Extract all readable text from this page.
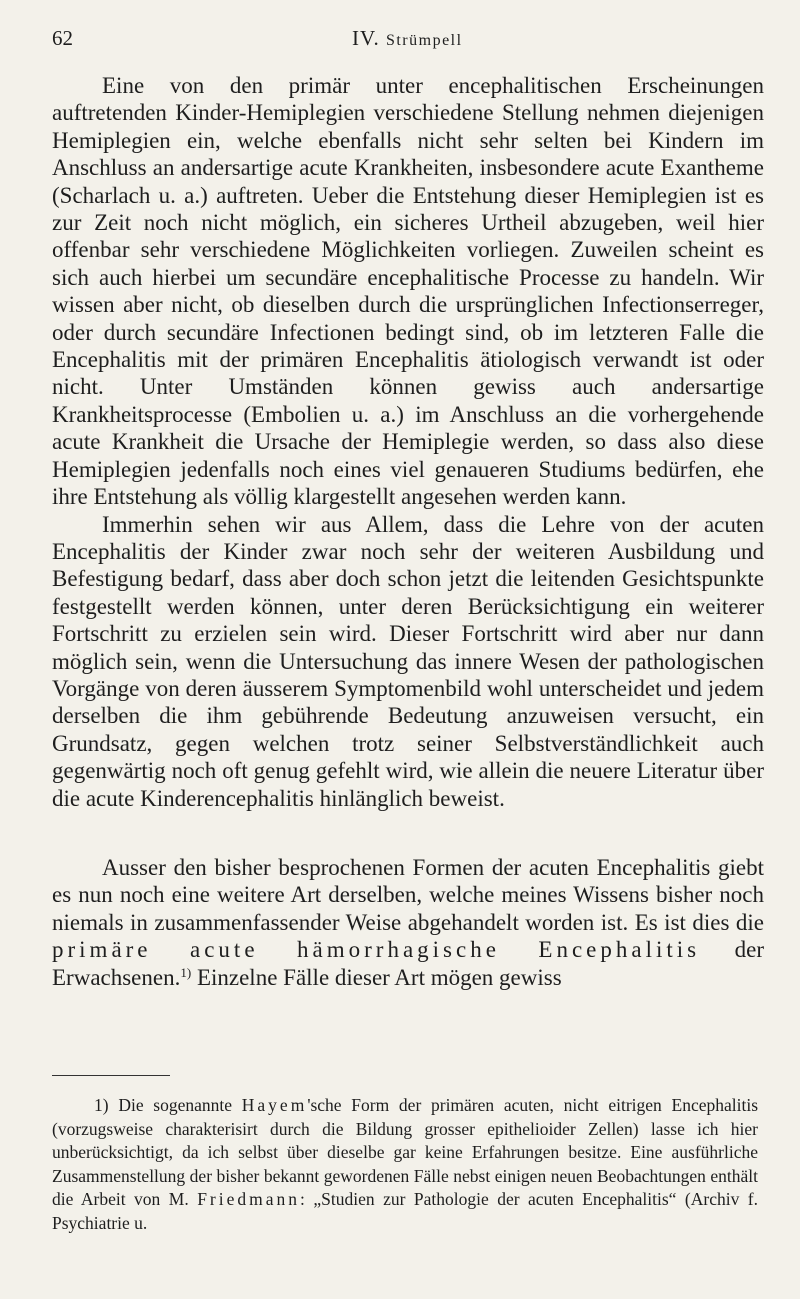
62	IV. Strümpell

Eine von den primär unter encephalitischen Erscheinungen auftretenden Kinder-Hemiplegien verschiedene Stellung nehmen diejenigen Hemiplegien ein, welche ebenfalls nicht sehr selten bei Kindern im Anschluss an andersartige acute Krankheiten, insbesondere acute Exantheme (Scharlach u. a.) auftreten. Ueber die Entstehung dieser Hemiplegien ist es zur Zeit noch nicht möglich, ein sicheres Urtheil abzugeben, weil hier offenbar sehr verschiedene Möglichkeiten vorliegen. Zuweilen scheint es sich auch hierbei um secundäre encephalitische Processe zu handeln. Wir wissen aber nicht, ob dieselben durch die ursprünglichen Infectionserreger, oder durch secundäre Infectionen bedingt sind, ob im letzteren Falle die Encephalitis mit der primären Encephalitis ätiologisch verwandt ist oder nicht. Unter Umständen können gewiss auch andersartige Krankheitsprocesse (Embolien u. a.) im Anschluss an die vorhergehende acute Krankheit die Ursache der Hemiplegie werden, so dass also diese Hemiplegien jedenfalls noch eines viel genaueren Studiums bedürfen, ehe ihre Entstehung als völlig klargestellt angesehen werden kann.

Immerhin sehen wir aus Allem, dass die Lehre von der acuten Encephalitis der Kinder zwar noch sehr der weiteren Ausbildung und Befestigung bedarf, dass aber doch schon jetzt die leitenden Gesichtspunkte festgestellt werden können, unter deren Berücksichtigung ein weiterer Fortschritt zu erzielen sein wird. Dieser Fortschritt wird aber nur dann möglich sein, wenn die Untersuchung das innere Wesen der pathologischen Vorgänge von deren äusserem Symptomenbild wohl unterscheidet und jedem derselben die ihm gebührende Bedeutung anzuweisen versucht, ein Grundsatz, gegen welchen trotz seiner Selbstverständlichkeit auch gegenwärtig noch oft genug gefehlt wird, wie allein die neuere Literatur über die acute Kinderencephalitis hinlänglich beweist.

Ausser den bisher besprochenen Formen der acuten Encephalitis giebt es nun noch eine weitere Art derselben, welche meines Wissens bisher noch niemals in zusammenfassender Weise abgehandelt worden ist. Es ist dies die primäre acute hämorrhagische Encephalitis der Erwachsenen.$^{1)}$ Einzelne Fälle dieser Art mögen gewiss

1) Die sogenannte Hayem'sche Form der primären acuten, nicht eitrigen Encephalitis (vorzugsweise charakterisirt durch die Bildung grosser epithelioider Zellen) lasse ich hier unberücksichtigt, da ich selbst über dieselbe gar keine Erfahrungen besitze. Eine ausführliche Zusammenstellung der bisher bekannt gewordenen Fälle nebst einigen neuen Beobachtungen enthält die Arbeit von M. Friedmann: „Studien zur Pathologie der acuten Encephalitis“ (Archiv f. Psychiatrie u.
